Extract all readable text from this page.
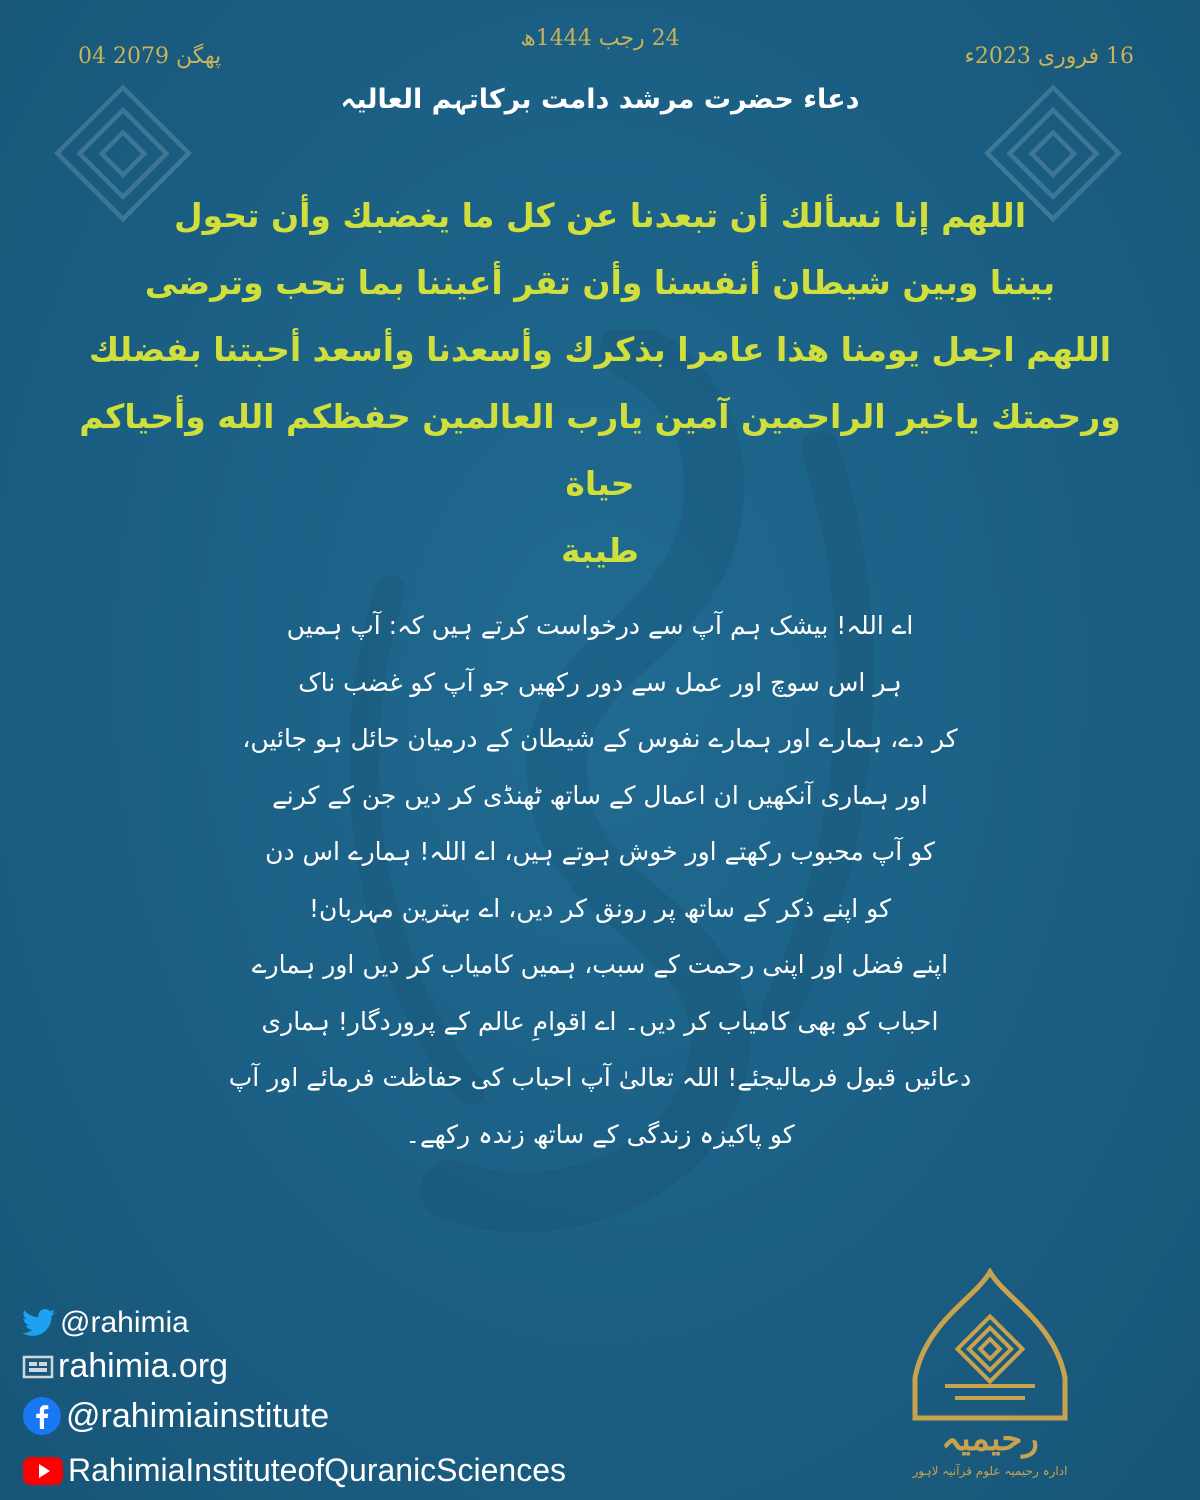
04 پھگن 2079
24 رجب 1444ھ
16 فروری 2023ء
دعاء حضرت مرشد دامت برکاتہم العالیہ
اللهم إنا نسألك أن تبعدنا عن كل ما يغضبك وأن تحول
بيننا وبين شيطان أنفسنا وأن تقر أعيننا بما تحب وترضى
اللهم اجعل يومنا هذا عامرا بذكرك وأسعدنا وأسعد أحبتنا بفضلك
ورحمتك ياخير الراحمين آمين يارب العالمين حفظكم الله وأحياكم حياة
طيبة
اے اللہ! بیشک ہم آپ سے درخواست کرتے ہیں کہ: آپ ہمیں
ہر اس سوچ اور عمل سے دور رکھیں جو آپ کو غضب ناک
کر دے، ہمارے اور ہمارے نفوس کے شیطان کے درمیان حائل ہو جائیں،
اور ہماری آنکھیں ان اعمال کے ساتھ ٹھنڈی کر دیں جن کے کرنے
کو آپ محبوب رکھتے اور خوش ہوتے ہیں، اے اللہ! ہمارے اس دن
کو اپنے ذکر کے ساتھ پر رونق کر دیں، اے بہترین مہربان!
اپنے فضل اور اپنی رحمت کے سبب، ہمیں کامیاب کر دیں اور ہمارے
احباب کو بھی کامیاب کر دیں۔ اے اقوامِ عالم کے پروردگار! ہماری
دعائیں قبول فرمالیجئے! اللہ تعالیٰ آپ احباب کی حفاظت فرمائے اور آپ
کو پاکیزہ زندگی کے ساتھ زندہ رکھے۔
@rahimia
rahimia.org
@rahimiainstitute
RahimiaInstituteofQuranicSciences
رحیمیہ
ادارہ رحیمیہ علوم قرآنیہ لاہور
